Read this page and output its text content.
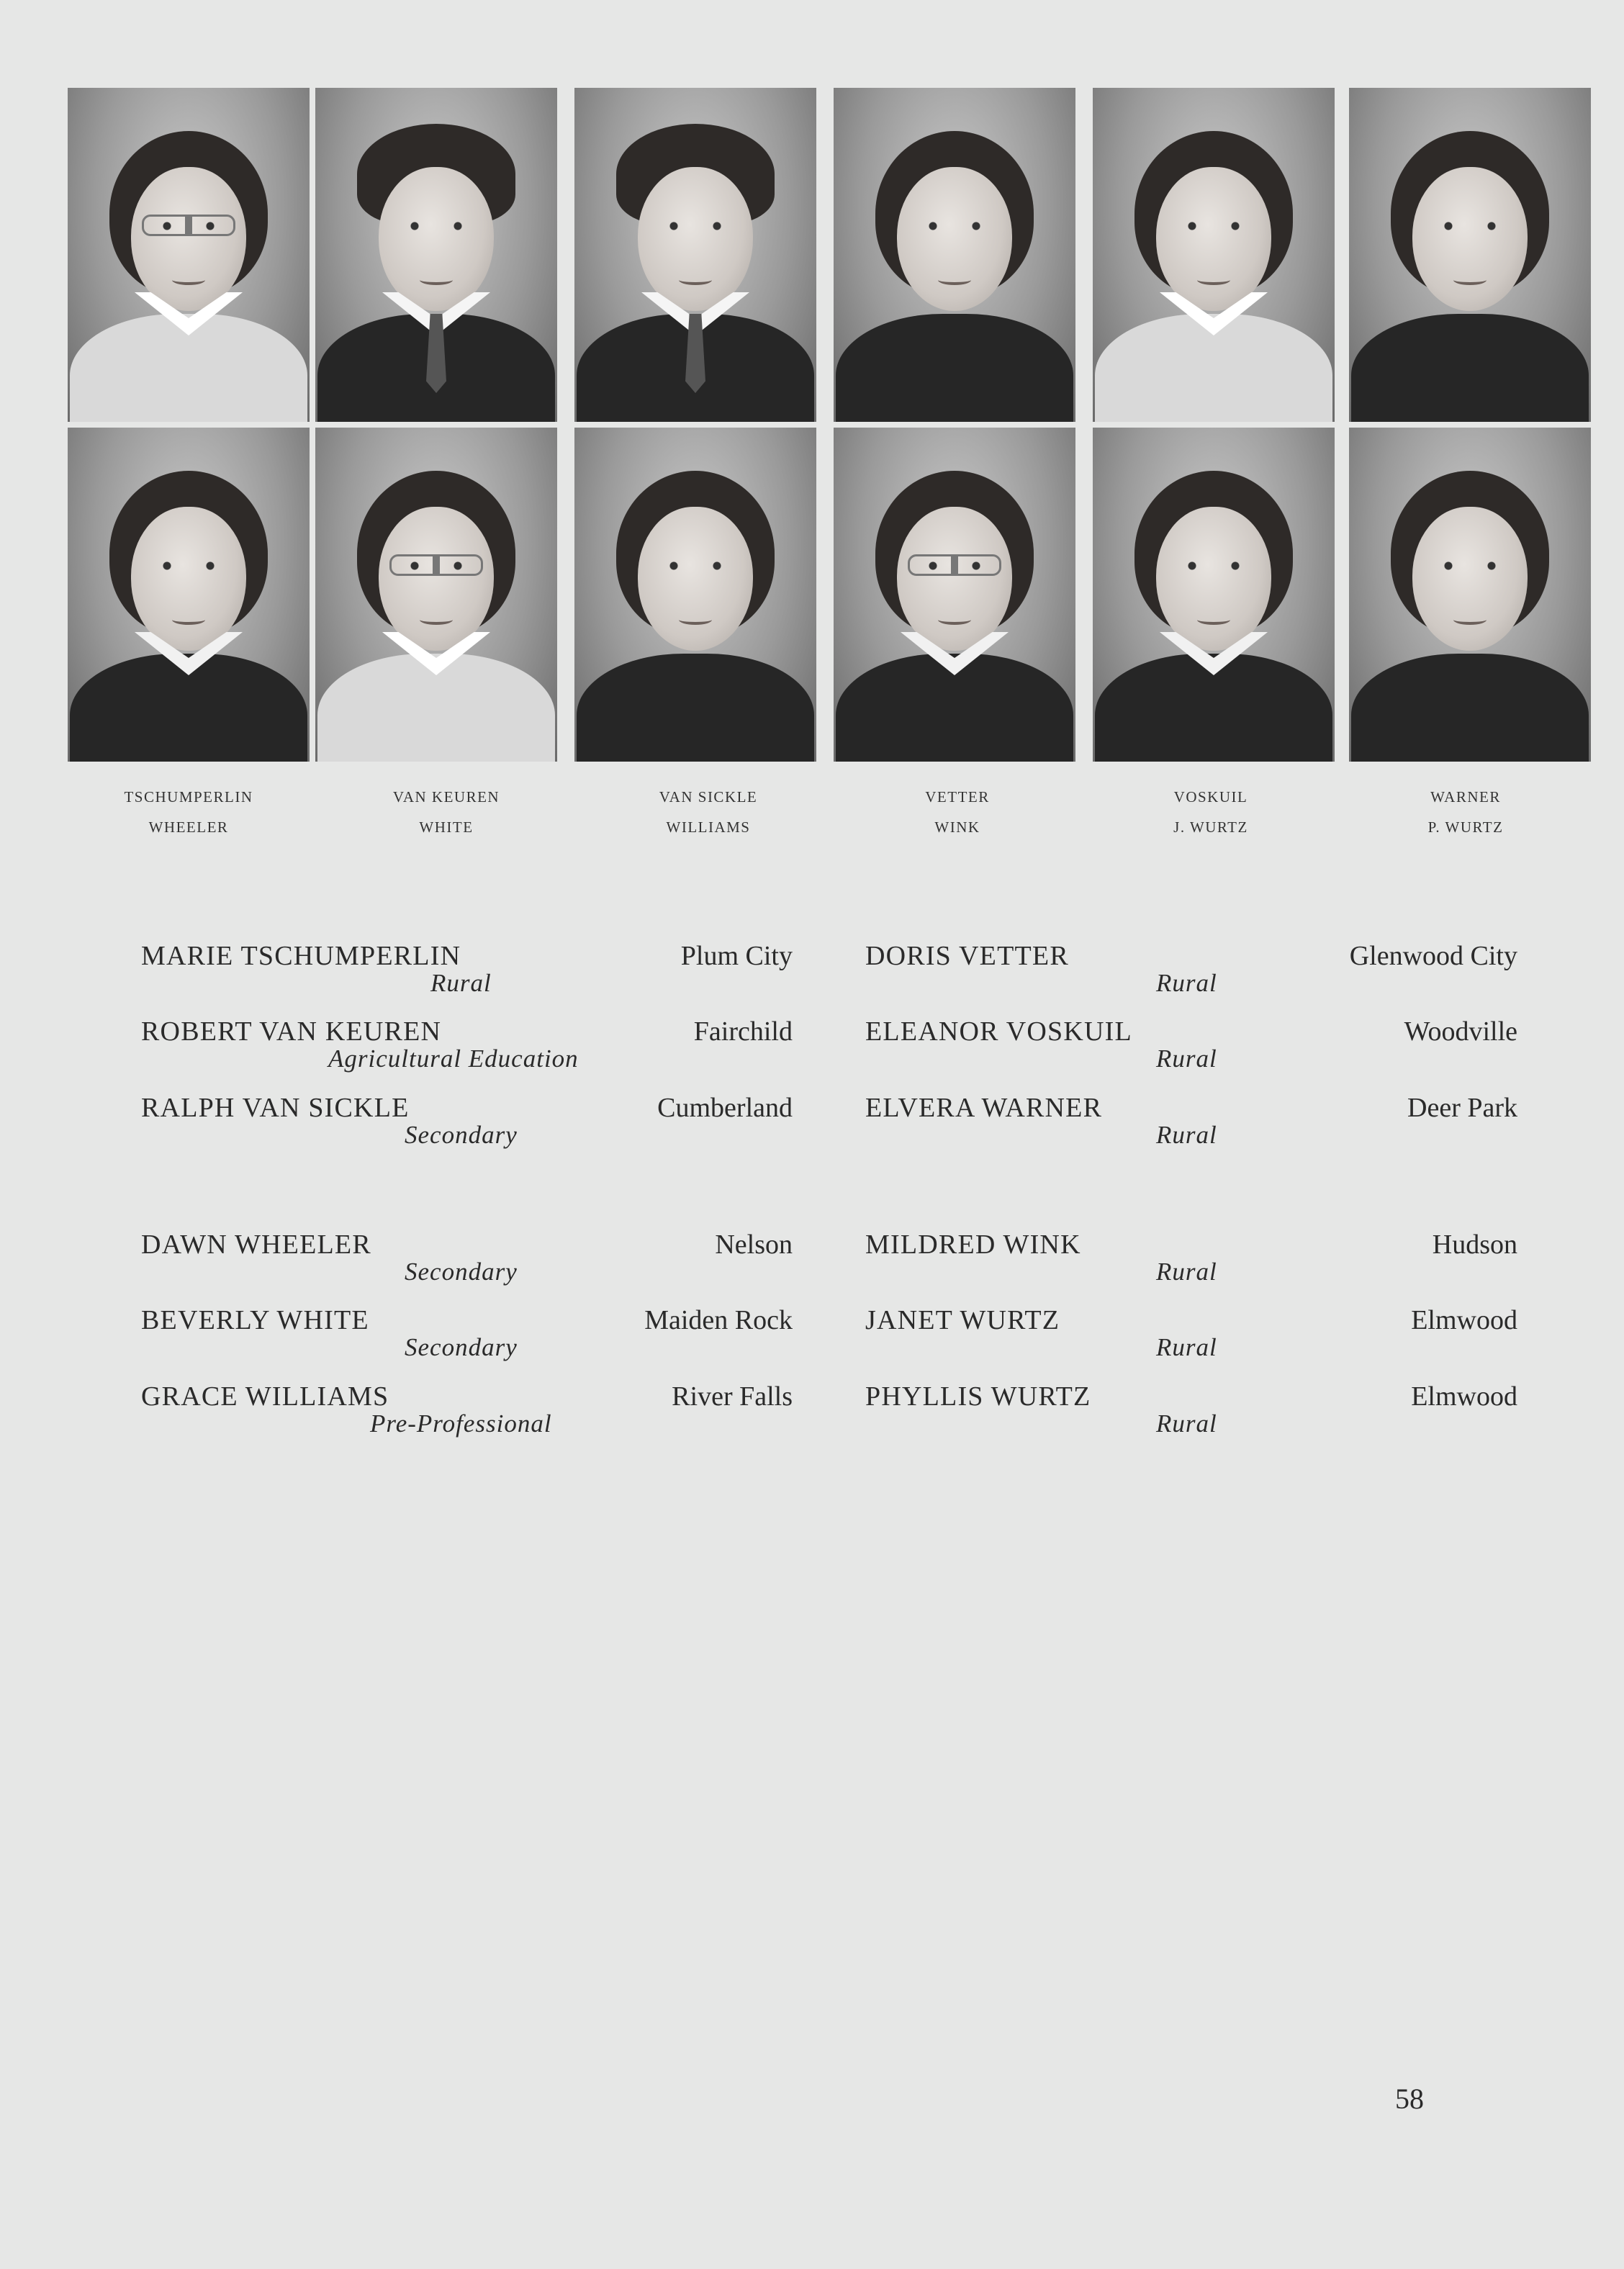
TSCHUMPERLIN
WHEELER
VAN KEUREN
WHITE
VAN SICKLE
WILLIAMS
VETTER
WINK
VOSKUIL
J. WURTZ
WARNER
P. WURTZ
MARIE TSCHUMPERLIN	Plum City
Rural
ROBERT VAN KEUREN	Fairchild
Agricultural Education
RALPH VAN SICKLE	Cumberland
Secondary
DAWN WHEELER	Nelson
Secondary
BEVERLY WHITE	Maiden Rock
Secondary
GRACE WILLIAMS	River Falls
Pre-Professional
DORIS VETTER	Glenwood City
Rural
ELEANOR VOSKUIL	Woodville
Rural
ELVERA WARNER	Deer Park
Rural
MILDRED WINK	Hudson
Rural
JANET WURTZ	Elmwood
Rural
PHYLLIS WURTZ	Elmwood
Rural
58
